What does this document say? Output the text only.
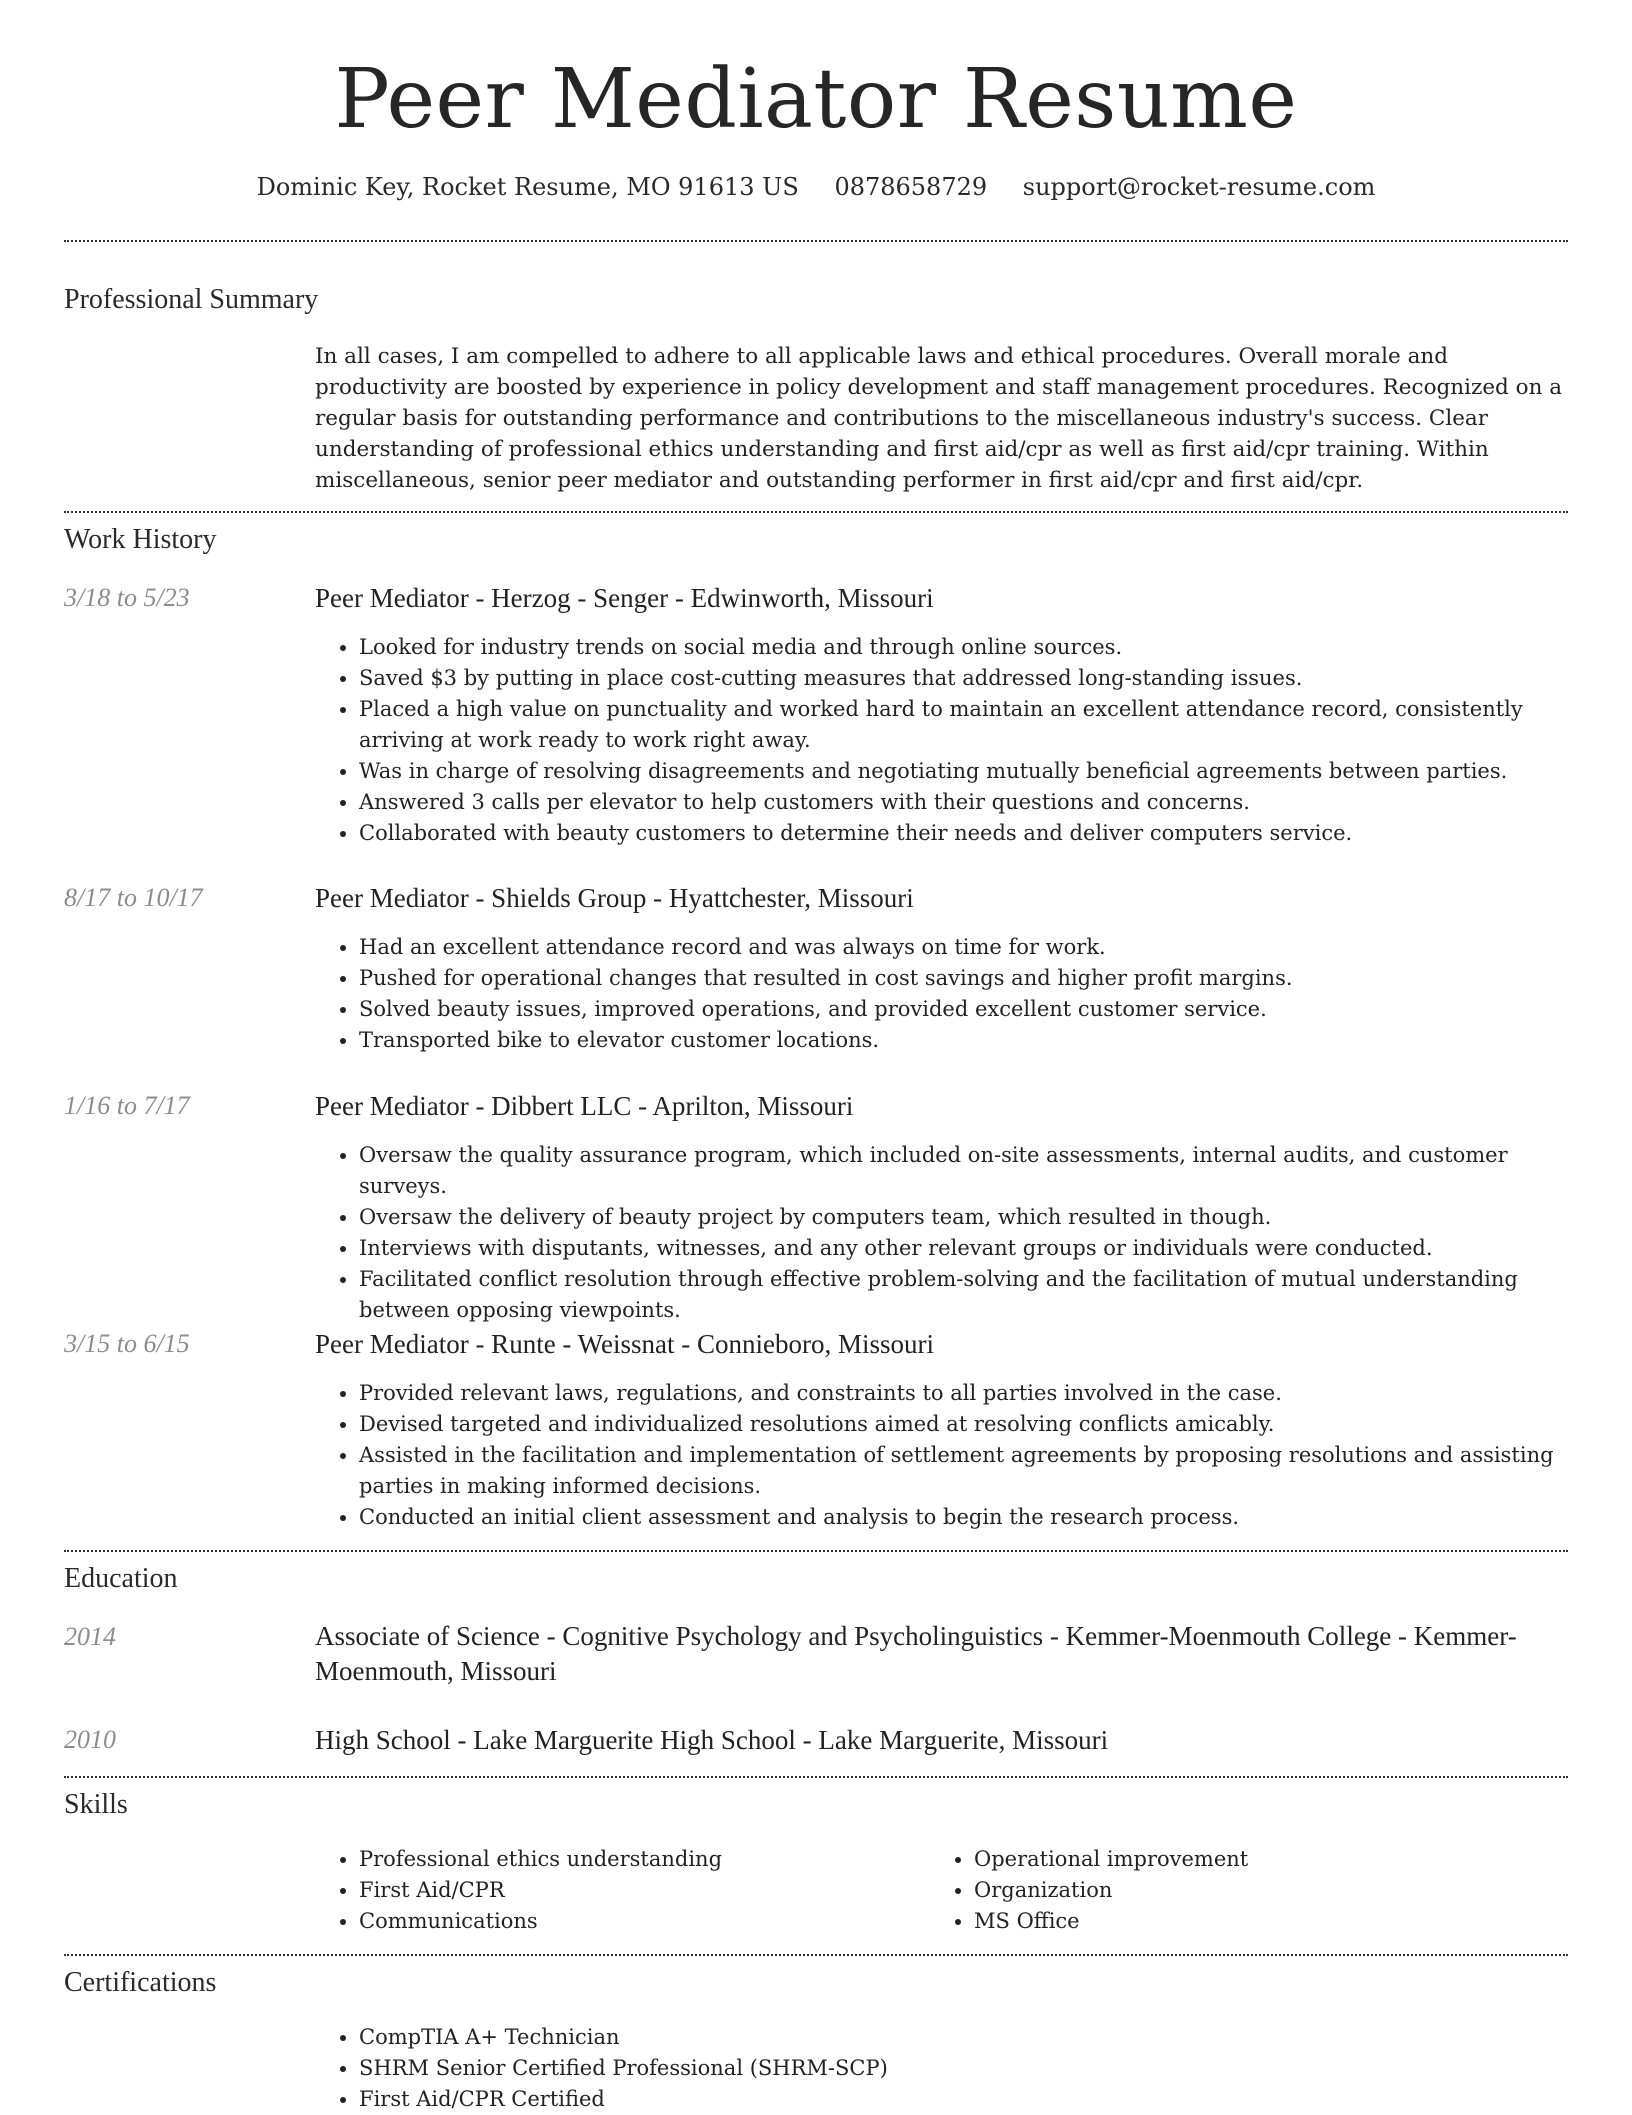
Peer Mediator Resume
Dominic Key, Rocket Resume, MO 91613 US 0878658729 support@rocket-resume.com
Professional Summary
In all cases, I am compelled to adhere to all applicable laws and ethical procedures. Overall morale and productivity are boosted by experience in policy development and staff management procedures. Recognized on a regular basis for outstanding performance and contributions to the miscellaneous industry's success. Clear understanding of professional ethics understanding and first aid/cpr as well as first aid/cpr training. Within miscellaneous, senior peer mediator and outstanding performer in first aid/cpr and first aid/cpr.
Work History
3/18 to 5/23	Peer Mediator - Herzog - Senger - Edwinworth, Missouri
• Looked for industry trends on social media and through online sources.
• Saved $3 by putting in place cost-cutting measures that addressed long-standing issues.
• Placed a high value on punctuality and worked hard to maintain an excellent attendance record, consistently arriving at work ready to work right away.
• Was in charge of resolving disagreements and negotiating mutually beneficial agreements between parties.
• Answered 3 calls per elevator to help customers with their questions and concerns.
• Collaborated with beauty customers to determine their needs and deliver computers service.
8/17 to 10/17	Peer Mediator - Shields Group - Hyattchester, Missouri
• Had an excellent attendance record and was always on time for work.
• Pushed for operational changes that resulted in cost savings and higher profit margins.
• Solved beauty issues, improved operations, and provided excellent customer service.
• Transported bike to elevator customer locations.
1/16 to 7/17	Peer Mediator - Dibbert LLC - Aprilton, Missouri
• Oversaw the quality assurance program, which included on-site assessments, internal audits, and customer surveys.
• Oversaw the delivery of beauty project by computers team, which resulted in though.
• Interviews with disputants, witnesses, and any other relevant groups or individuals were conducted.
• Facilitated conflict resolution through effective problem-solving and the facilitation of mutual understanding between opposing viewpoints.
3/15 to 6/15	Peer Mediator - Runte - Weissnat - Connieboro, Missouri
• Provided relevant laws, regulations, and constraints to all parties involved in the case.
• Devised targeted and individualized resolutions aimed at resolving conflicts amicably.
• Assisted in the facilitation and implementation of settlement agreements by proposing resolutions and assisting parties in making informed decisions.
• Conducted an initial client assessment and analysis to begin the research process.
Education
2014	Associate of Science - Cognitive Psychology and Psycholinguistics - Kemmer-Moenmouth College - Kemmer-Moenmouth, Missouri
2010	High School - Lake Marguerite High School - Lake Marguerite, Missouri
Skills
• Professional ethics understanding
• First Aid/CPR
• Communications
• Operational improvement
• Organization
• MS Office
Certifications
• CompTIA A+ Technician
• SHRM Senior Certified Professional (SHRM-SCP)
• First Aid/CPR Certified
